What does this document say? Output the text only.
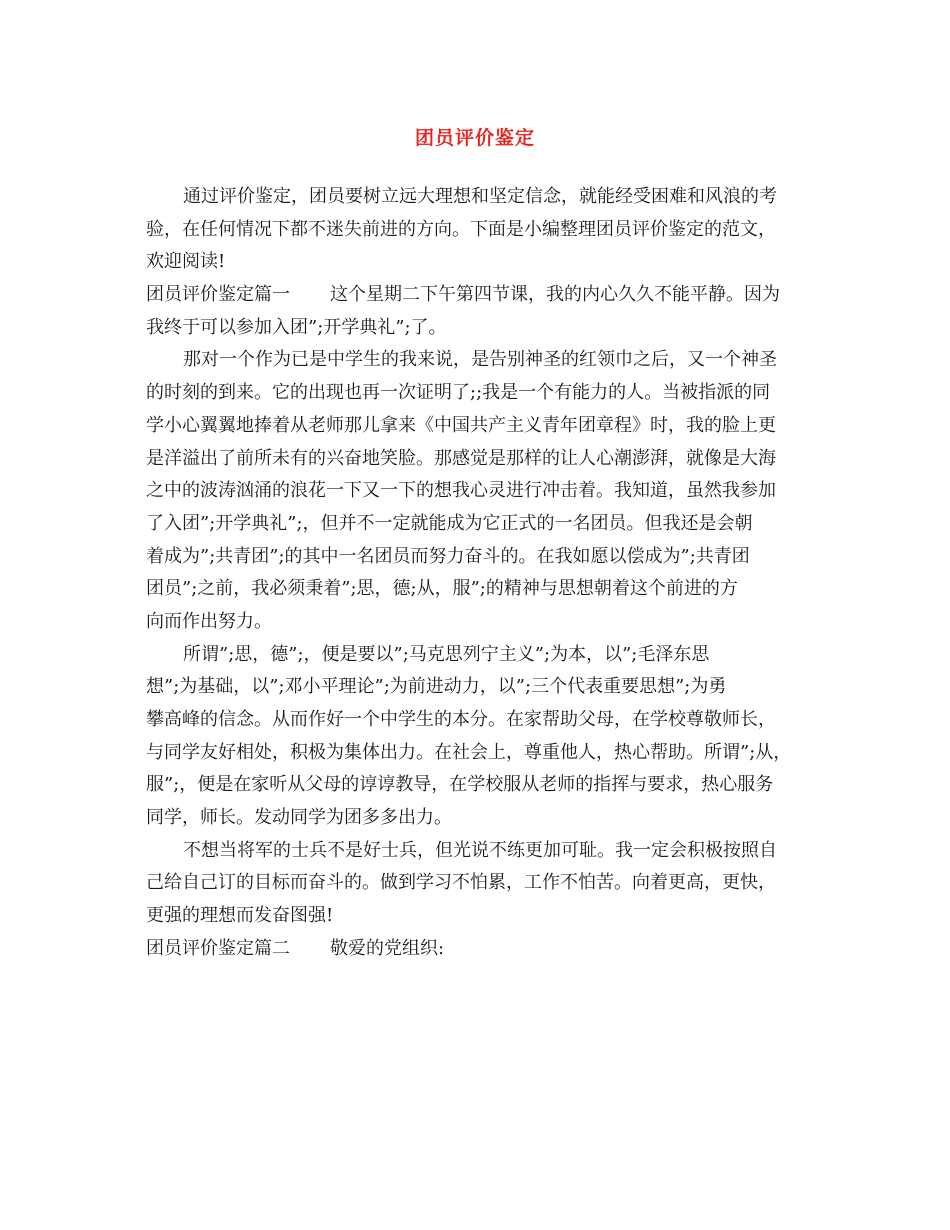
团员评价鉴定
通过评价鉴定，团员要树立远大理想和坚定信念，就能经受困难和风浪的考
验，在任何情况下都不迷失前进的方向。下面是小编整理团员评价鉴定的范文，
欢迎阅读!
团员评价鉴定篇一 这个星期二下午第四节课，我的内心久久不能平静。因为
我终于可以参加入团”;开学典礼”;了。
那对一个作为已是中学生的我来说，是告别神圣的红领巾之后，又一个神圣
的时刻的到来。它的出现也再一次证明了;;我是一个有能力的人。当被指派的同
学小心翼翼地捧着从老师那儿拿来《中国共产主义青年团章程》时，我的脸上更
是洋溢出了前所未有的兴奋地笑脸。那感觉是那样的让人心潮澎湃，就像是大海
之中的波涛汹涌的浪花一下又一下的想我心灵进行冲击着。我知道，虽然我参加
了入团”;开学典礼”;，但并不一定就能成为它正式的一名团员。但我还是会朝
着成为”;共青团”;的其中一名团员而努力奋斗的。在我如愿以偿成为”;共青团
团员”;之前，我必须秉着”;思，德;从，服”;的精神与思想朝着这个前进的方
向而作出努力。
所谓”;思，德”;，便是要以”;马克思列宁主义”;为本，以”;毛泽东思
想”;为基础，以”;邓小平理论”;为前进动力，以”;三个代表重要思想”;为勇
攀高峰的信念。从而作好一个中学生的本分。在家帮助父母，在学校尊敬师长，
与同学友好相处，积极为集体出力。在社会上，尊重他人，热心帮助。所谓”;从，
服”;，便是在家听从父母的谆谆教导，在学校服从老师的指挥与要求，热心服务
同学，师长。发动同学为团多多出力。
不想当将军的士兵不是好士兵，但光说不练更加可耻。我一定会积极按照自
己给自己订的目标而奋斗的。做到学习不怕累，工作不怕苦。向着更高，更快，
更强的理想而发奋图强!
团员评价鉴定篇二 敬爱的党组织:
